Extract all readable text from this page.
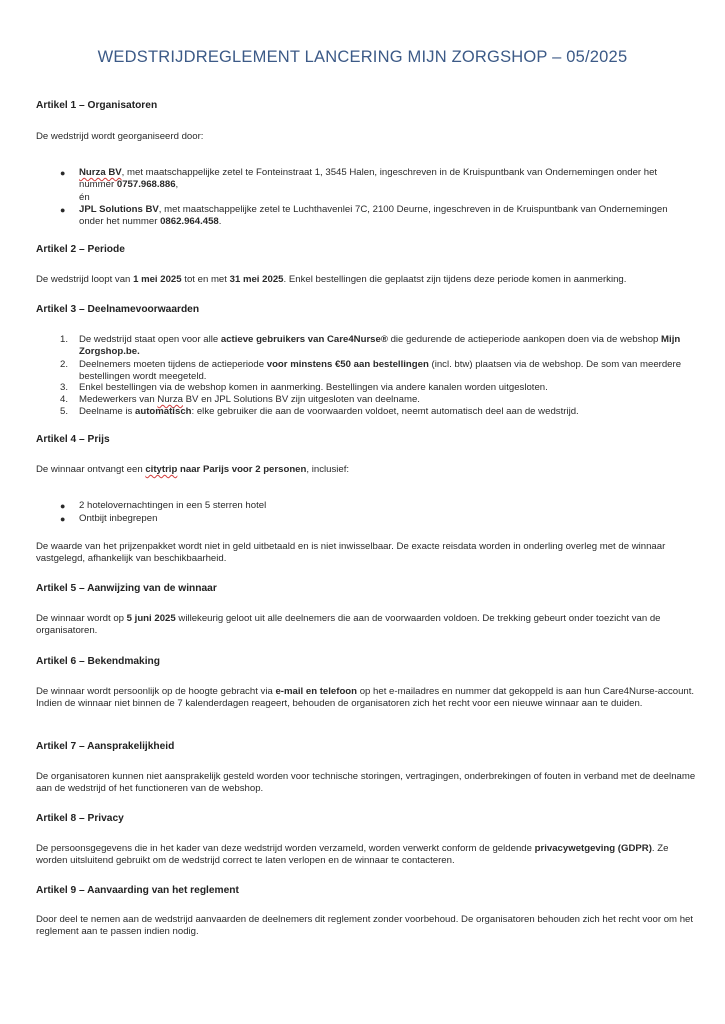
WEDSTRIJDREGLEMENT LANCERING MIJN ZORGSHOP – 05/2025
Artikel 1 – Organisatoren
De wedstrijd wordt georganiseerd door:
● Nurza BV, met maatschappelijke zetel te Fonteinstraat 1, 3545 Halen, ingeschreven in de Kruispuntbank van Ondernemingen onder het nummer 0757.968.886,
én
● JPL Solutions BV, met maatschappelijke zetel te Luchthavenlei 7C, 2100 Deurne, ingeschreven in de Kruispuntbank van Ondernemingen onder het nummer 0862.964.458.
Artikel 2 – Periode
De wedstrijd loopt van 1 mei 2025 tot en met 31 mei 2025. Enkel bestellingen die geplaatst zijn tijdens deze periode komen in aanmerking.
Artikel 3 – Deelnamevoorwaarden
1. De wedstrijd staat open voor alle actieve gebruikers van Care4Nurse® die gedurende de actieperiode aankopen doen via de webshop Mijn Zorgshop.be.
2. Deelnemers moeten tijdens de actieperiode voor minstens €50 aan bestellingen (incl. btw) plaatsen via de webshop. De som van meerdere bestellingen wordt meegeteld.
3. Enkel bestellingen via de webshop komen in aanmerking. Bestellingen via andere kanalen worden uitgesloten.
4. Medewerkers van Nurza BV en JPL Solutions BV zijn uitgesloten van deelname.
5. Deelname is automatisch: elke gebruiker die aan de voorwaarden voldoet, neemt automatisch deel aan de wedstrijd.
Artikel 4 – Prijs
De winnaar ontvangt een citytrip naar Parijs voor 2 personen, inclusief:
● 2 hotelovernachtingen in een 5 sterren hotel
● Ontbijt inbegrepen
De waarde van het prijzenpakket wordt niet in geld uitbetaald en is niet inwisselbaar. De exacte reisdata worden in onderling overleg met de winnaar vastgelegd, afhankelijk van beschikbaarheid.
Artikel 5 – Aanwijzing van de winnaar
De winnaar wordt op 5 juni 2025 willekeurig geloot uit alle deelnemers die aan de voorwaarden voldoen. De trekking gebeurt onder toezicht van de organisatoren.
Artikel 6 – Bekendmaking
De winnaar wordt persoonlijk op de hoogte gebracht via e-mail en telefoon op het e-mailadres en nummer dat gekoppeld is aan hun Care4Nurse-account. Indien de winnaar niet binnen de 7 kalenderdagen reageert, behouden de organisatoren zich het recht voor een nieuwe winnaar aan te duiden.
Artikel 7 – Aansprakelijkheid
De organisatoren kunnen niet aansprakelijk gesteld worden voor technische storingen, vertragingen, onderbrekingen of fouten in verband met de deelname aan de wedstrijd of het functioneren van de webshop.
Artikel 8 – Privacy
De persoonsgegevens die in het kader van deze wedstrijd worden verzameld, worden verwerkt conform de geldende privacywetgeving (GDPR). Ze worden uitsluitend gebruikt om de wedstrijd correct te laten verlopen en de winnaar te contacteren.
Artikel 9 – Aanvaarding van het reglement
Door deel te nemen aan de wedstrijd aanvaarden de deelnemers dit reglement zonder voorbehoud. De organisatoren behouden zich het recht voor om het reglement aan te passen indien nodig.
